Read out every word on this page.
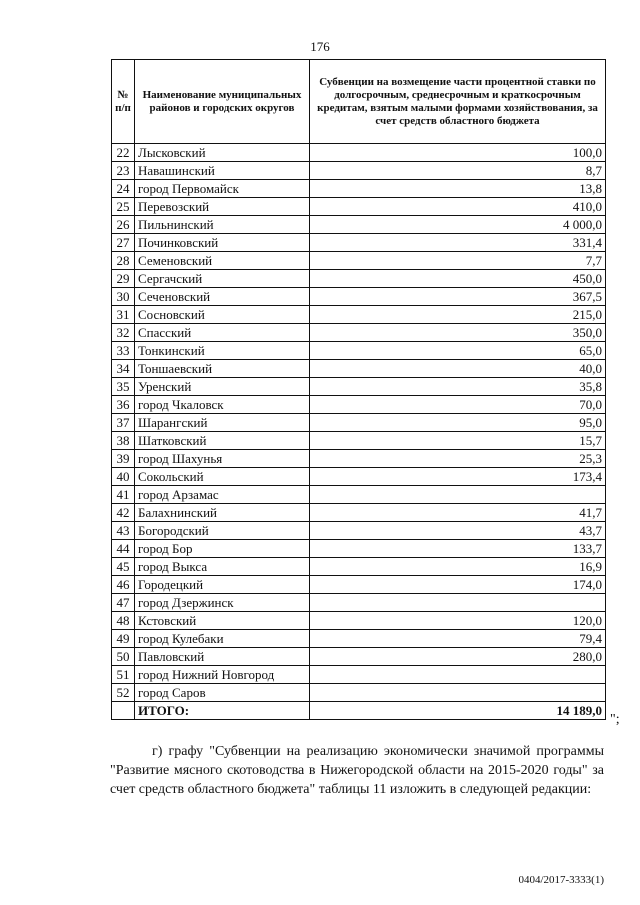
176
№ п/п	Наименование муниципальных районов и городских округов	Субвенции на возмещение части процентной ставки по долгосрочным, среднесрочным и краткосрочным кредитам, взятым малыми формами хозяйствования, за счет средств областного бюджета
22	Лысковский	100,0
23	Навашинский	8,7
24	город Первомайск	13,8
25	Перевозский	410,0
26	Пильнинский	4 000,0
27	Починковский	331,4
28	Семеновский	7,7
29	Сергачский	450,0
30	Сеченовский	367,5
31	Сосновский	215,0
32	Спасский	350,0
33	Тонкинский	65,0
34	Тоншаевский	40,0
35	Уренский	35,8
36	город Чкаловск	70,0
37	Шарангский	95,0
38	Шатковский	15,7
39	город Шахунья	25,3
40	Сокольский	173,4
41	город Арзамас	
42	Балахнинский	41,7
43	Богородский	43,7
44	город Бор	133,7
45	город Выкса	16,9
46	Городецкий	174,0
47	город Дзержинск	
48	Кстовский	120,0
49	город Кулебаки	79,4
50	Павловский	280,0
51	город Нижний Новгород	
52	город Саров	
	ИТОГО:	14 189,0
";
г) графу "Субвенции на реализацию экономически значимой программы "Развитие мясного скотоводства в Нижегородской области на 2015-2020 годы" за счет средств областного бюджета" таблицы 11 изложить в следующей редакции:
0404/2017-3333(1)
